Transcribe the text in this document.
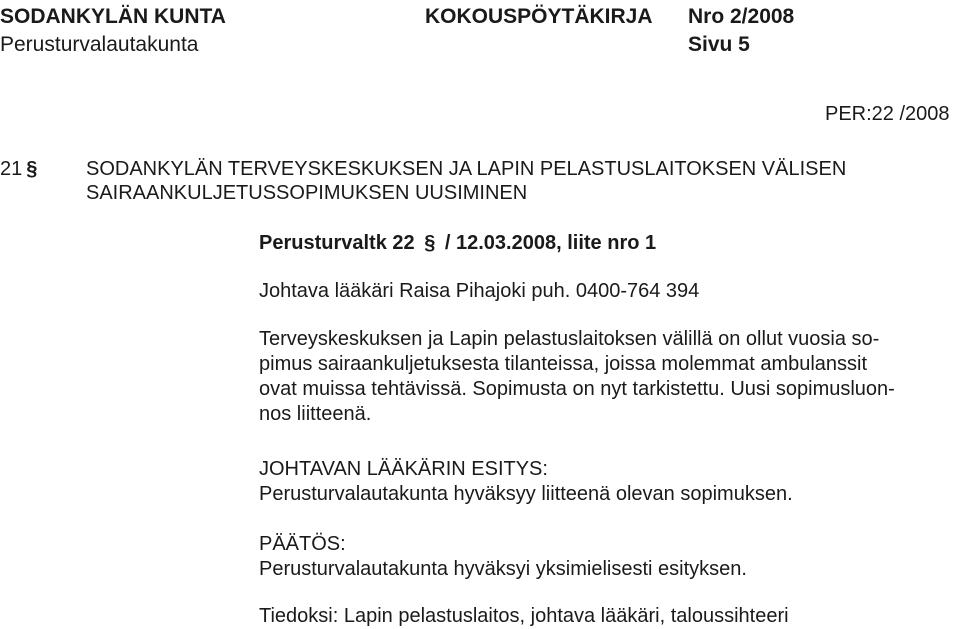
SODANKYLÄN KUNTA	KOKOUSPÖYTÄKIRJA Nro 2/2008
Perusturvalautakunta	Sivu 5
PER:22 /2008
21 § SODANKYLÄN TERVEYSKESKUKSEN JA LAPIN PELASTUSLAITOKSEN VÄLISEN
SAIRAANKULJETUSSOPIMUKSEN UUSIMINEN
Perusturvaltk 22 § / 12.03.2008, liite nro 1
Johtava lääkäri Raisa Pihajoki puh. 0400-764 394
Terveyskeskuksen ja Lapin pelastuslaitoksen välillä on ollut vuosia so-
pimus sairaankuljetuksesta tilanteissa, joissa molemmat ambulanssit
ovat muissa tehtävissä. Sopimusta on nyt tarkistettu. Uusi sopimusluon-
nos liitteenä.
JOHTAVAN LÄÄKÄRIN ESITYS:
Perusturvalautakunta hyväksyy liitteenä olevan sopimuksen.
PÄÄTÖS:
Perusturvalautakunta hyväksyi yksimielisesti esityksen.
Tiedoksi: Lapin pelastuslaitos, johtava lääkäri, taloussihteeri
